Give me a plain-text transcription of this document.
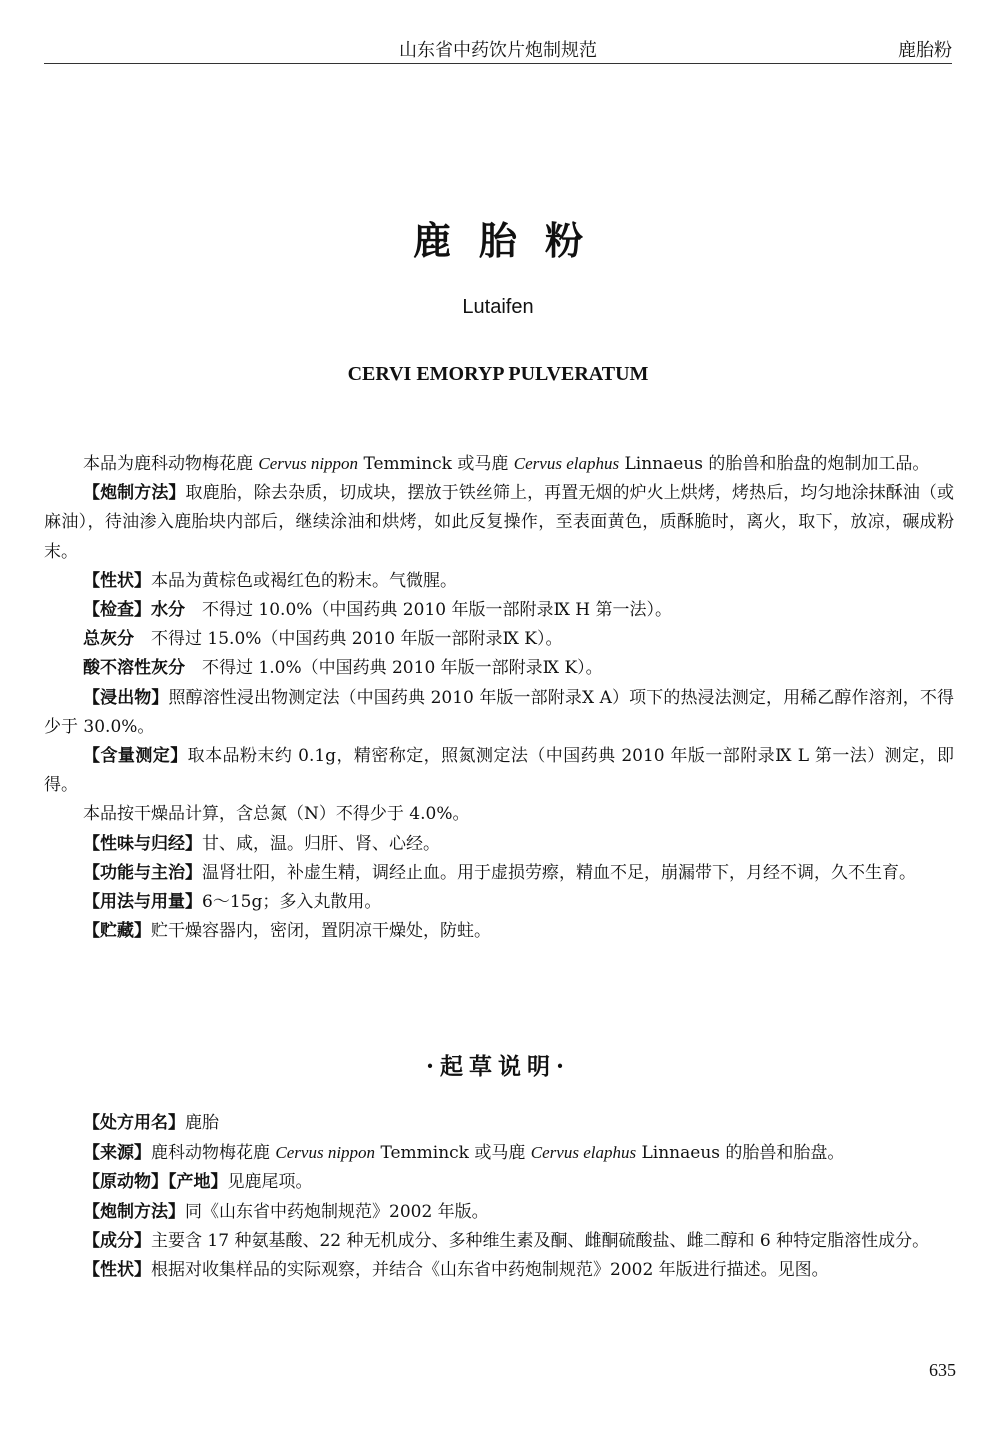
山东省中药饮片炮制规范	鹿胎粉
鹿胎粉
Lutaifen
CERVI EMORYP PULVERATUM

本品为鹿科动物梅花鹿 Cervus nippon Temminck 或马鹿 Cervus elaphus Linnaeus 的胎兽和胎盘的炮制加工品。

【炮制方法】取鹿胎，除去杂质，切成块，摆放于铁丝筛上，再置无烟的炉火上烘烤，烤热后，均匀地涂抹酥油（或麻油），待油渗入鹿胎块内部后，继续涂油和烘烤，如此反复操作，至表面黄色，质酥脆时，离火，取下，放凉，碾成粉末。

【性状】本品为黄棕色或褐红色的粉末。气微腥。

【检查】水分　不得过 10.0%（中国药典 2010 年版一部附录Ⅸ H 第一法）。

总灰分　不得过 15.0%（中国药典 2010 年版一部附录Ⅸ K）。

酸不溶性灰分　不得过 1.0%（中国药典 2010 年版一部附录Ⅸ K）。

【浸出物】照醇溶性浸出物测定法（中国药典 2010 年版一部附录Ⅹ A）项下的热浸法测定，用稀乙醇作溶剂，不得少于 30.0%。

【含量测定】取本品粉末约 0.1g，精密称定，照氮测定法（中国药典 2010 年版一部附录Ⅸ L 第一法）测定，即得。

本品按干燥品计算，含总氮（N）不得少于 4.0%。

【性味与归经】甘、咸，温。归肝、肾、心经。

【功能与主治】温肾壮阳，补虚生精，调经止血。用于虚损劳瘵，精血不足，崩漏带下，月经不调，久不生育。

【用法与用量】6～15g；多入丸散用。

【贮藏】贮干燥容器内，密闭，置阴凉干燥处，防蛀。

·起草说明·

【处方用名】鹿胎

【来源】鹿科动物梅花鹿 Cervus nippon Temminck 或马鹿 Cervus elaphus Linnaeus 的胎兽和胎盘。

【原动物】【产地】见鹿尾项。

【炮制方法】同《山东省中药炮制规范》2002 年版。

【成分】主要含 17 种氨基酸、22 种无机成分、多种维生素及酮、雌酮硫酸盐、雌二醇和 6 种特定脂溶性成分。

【性状】根据对收集样品的实际观察，并结合《山东省中药炮制规范》2002 年版进行描述。见图。

635
